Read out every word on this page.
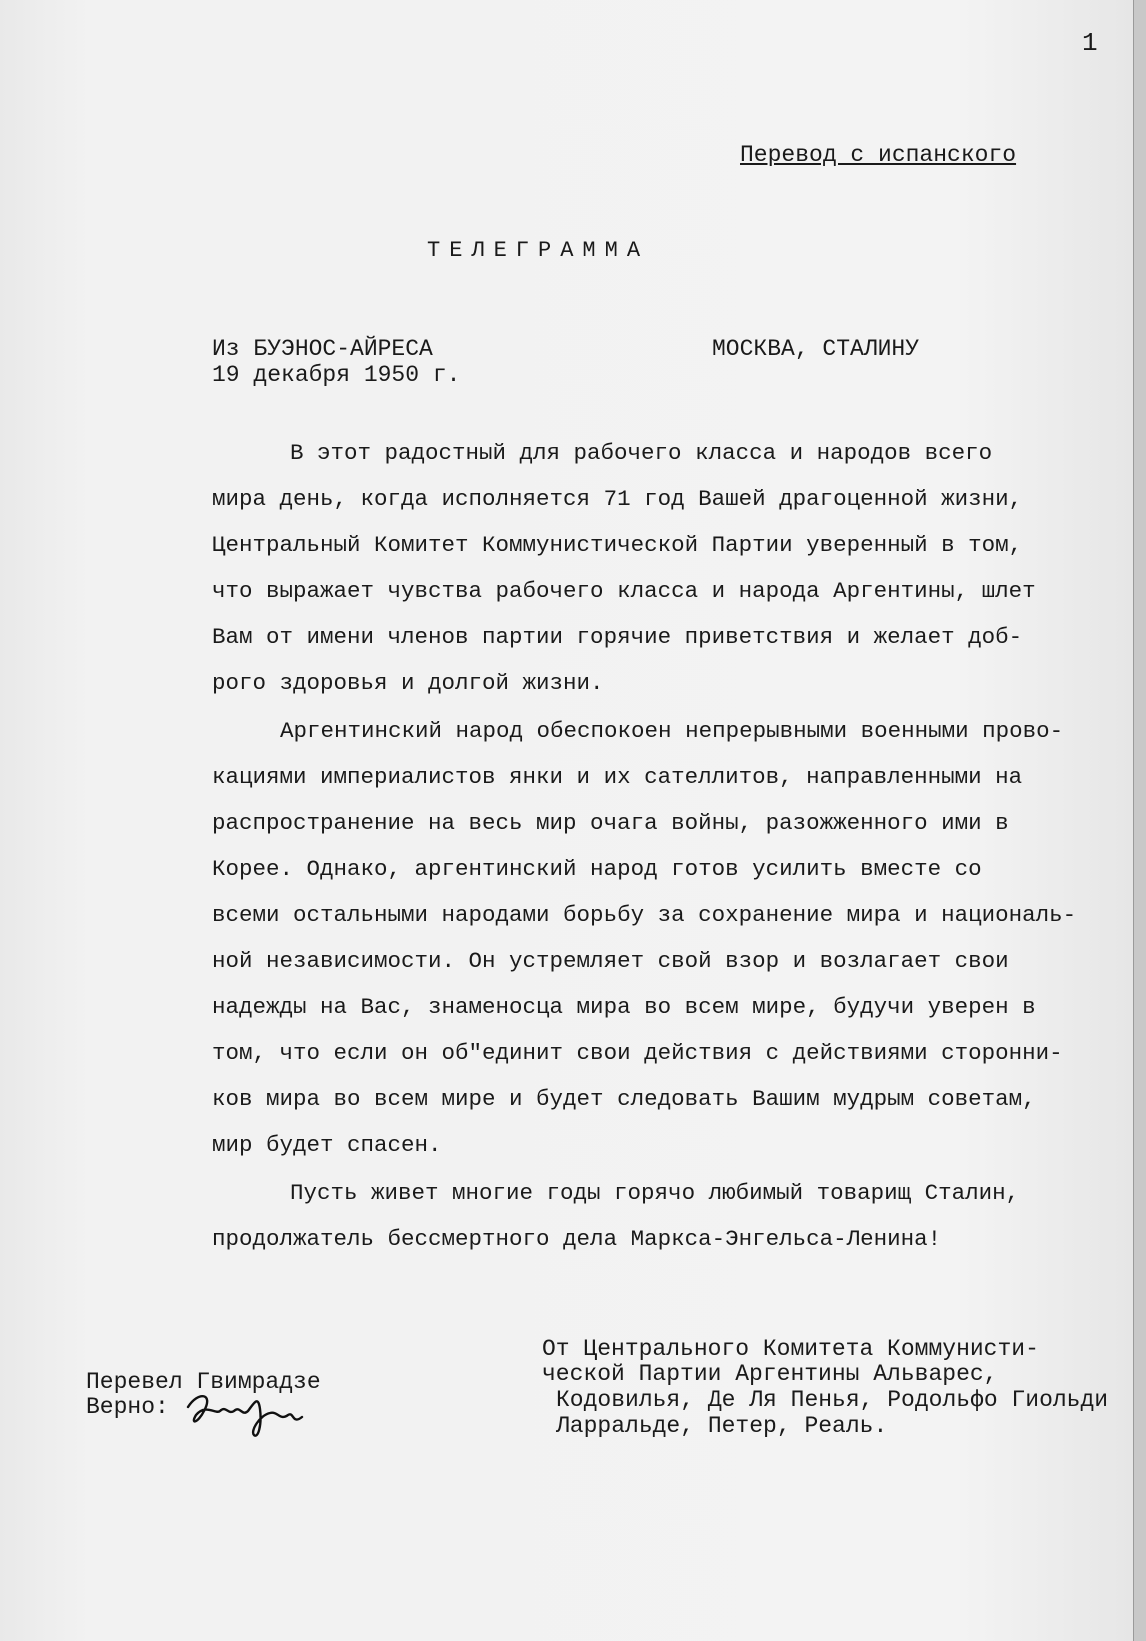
1
Перевод с испанского
ТЕЛЕГРАММА
Из БУЭНОС-АЙРЕСА
19 декабря 1950 г.
МОСКВА, СТАЛИНУ
В этот радостный для рабочего класса и народов всего
мира день, когда исполняется 71 год Вашей драгоценной жизни,
Центральный Комитет Коммунистической Партии уверенный в том,
что выражает чувства рабочего класса и народа Аргентины, шлет
Вам от имени членов партии горячие приветствия и желает доб-
рого здоровья и долгой жизни.
Аргентинский народ обеспокоен непрерывными военными прово-
кациями империалистов янки и их сателлитов, направленными на
распространение на весь мир очага войны, разожженного ими в
Корее. Однако, аргентинский народ готов усилить вместе со
всеми остальными народами борьбу за сохранение мира и националь-
ной независимости. Он устремляет свой взор и возлагает свои
надежды на Вас, знаменосца мира во всем мире, будучи уверен в
том, что если он об"единит свои действия с действиями сторонни-
ков мира во всем мире и будет следовать Вашим мудрым советам,
мир будет спасен.
Пусть живет многие годы горячо любимый товарищ Сталин,
продолжатель бессмертного дела Маркса-Энгельса-Ленина!
Перевел Гвимрадзе
Верно:
От Центрального Комитета Коммунисти-
ческой Партии Аргентины Альварес,
Кодовилья, Де Ля Пенья, Родольфо Гиольди
Ларральде, Петер, Реаль.
